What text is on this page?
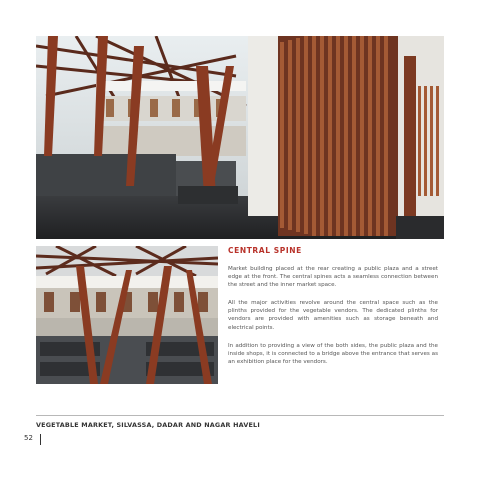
CENTRAL SPINE

Market building placed at the rear creating a public plaza and a street edge at the front. The central spines acts a seamless connection between the street and the inner market space.

All the major activities revolve around the central space such as the plinths provided for the vegetable vendors. The dedicated plinths for vendors are provided with amenities such as storage beneath and electrical points.

In addition to providing a view of the both sides, the public plaza and the inside shops, it is connected to a bridge above the entrance that serves as an exhibition place for the vendors.

VEGETABLE MARKET, SILVASSA, DADAR AND NAGAR HAVELI
52
